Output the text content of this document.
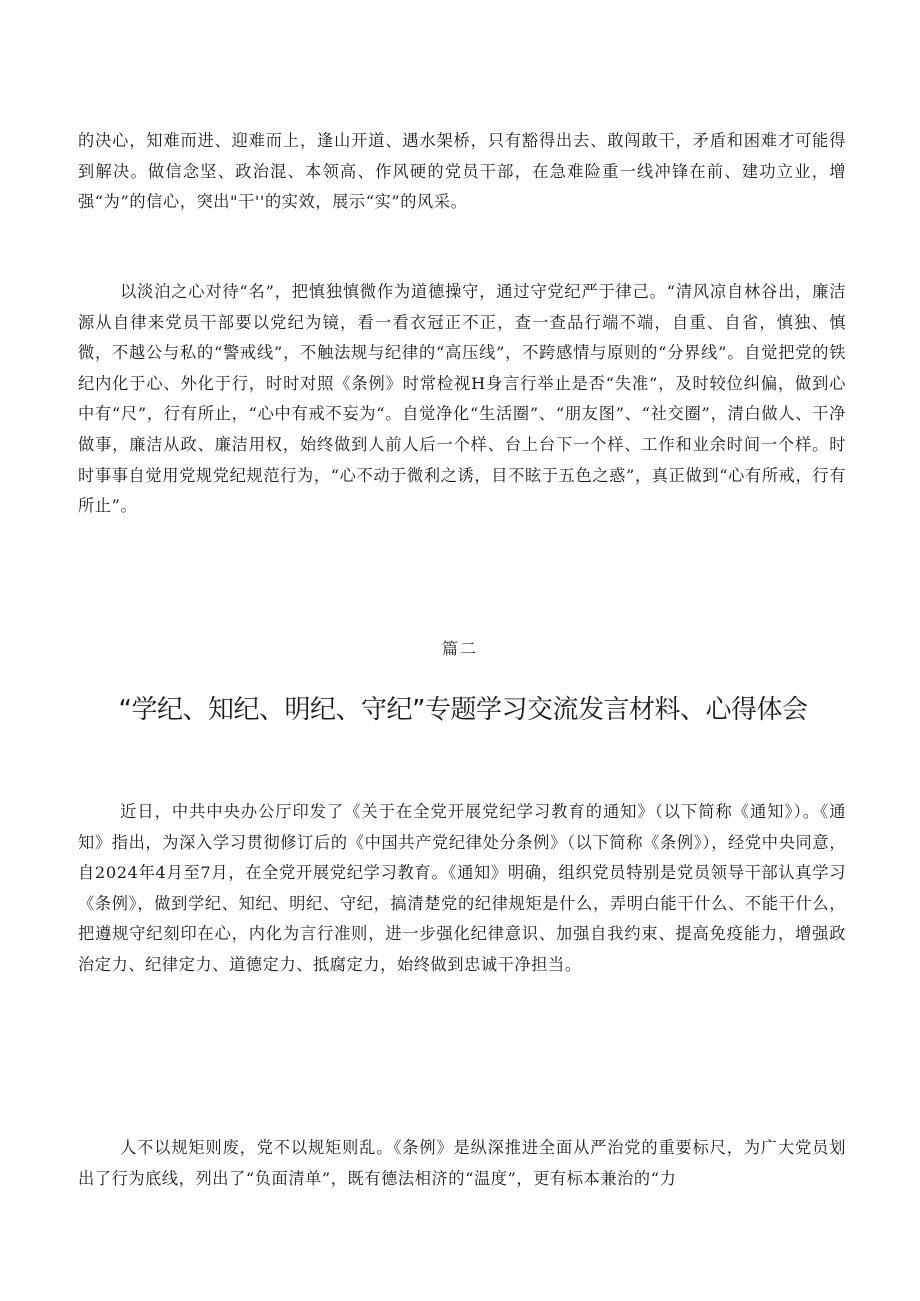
的决心，知难而进、迎难而上，逢山开道、遇水架桥，只有豁得出去、敢闯敢干，矛盾和困难才可能得到解决。做信念坚、政治混、本领高、作风硬的党员干部，在急难险重一线冲锋在前、建功立业，增强“为”的信心，突出"干''的实效，展示“实”的风采。

以淡泊之心对待“名”，把慎独慎微作为道德操守，通过守党纪严于律己。“清风凉自林谷出，廉洁源从自律来党员干部要以党纪为镜，看一看衣冠正不正，查一查品行端不端，自重、自省，慎独、慎微，不越公与私的“警戒线”，不触法规与纪律的“高压线”，不跨感情与原则的“分界线”。自觉把党的铁纪内化于心、外化于行，时时对照《条例》时常检视H身言行举止是否“失准”，及时较位纠偏，做到心中有“尺”，行有所止，“心中有戒不妄为“。自觉净化“生活圈”、“朋友图”、“社交圈”，清白做人、干净做事，廉洁从政、廉洁用权，始终做到人前人后一个样、台上台下一个样、工作和业余时间一个样。时时事事自觉用党规党纪规范行为，“心不动于微利之诱，目不眩于五色之惑”，真正做到“心有所戒，行有所止”。

篇二

“学纪、知纪、明纪、守纪”专题学习交流发言材料、心得体会

近日，中共中央办公厅印发了《关于在全党开展党纪学习教育的通知》（以下简称《通知》）。《通知》指出，为深入学习贯彻修订后的《中国共产党纪律处分条例》（以下简称《条例》），经党中央同意，自2024年4月至7月，在全党开展党纪学习教育。《通知》明确，组织党员特别是党员领导干部认真学习《条例》，做到学纪、知纪、明纪、守纪，搞清楚党的纪律规矩是什么，弄明白能干什么、不能干什么，把遵规守纪刻印在心，内化为言行准则，进一步强化纪律意识、加强自我约束、提高免疫能力，增强政治定力、纪律定力、道德定力、抵腐定力，始终做到忠诚干净担当。

人不以规矩则废，党不以规矩则乱。《条例》是纵深推进全面从严治党的重要标尺，为广大党员划出了行为底线，列出了“负面清单”，既有德法相济的“温度”，更有标本兼治的“力
